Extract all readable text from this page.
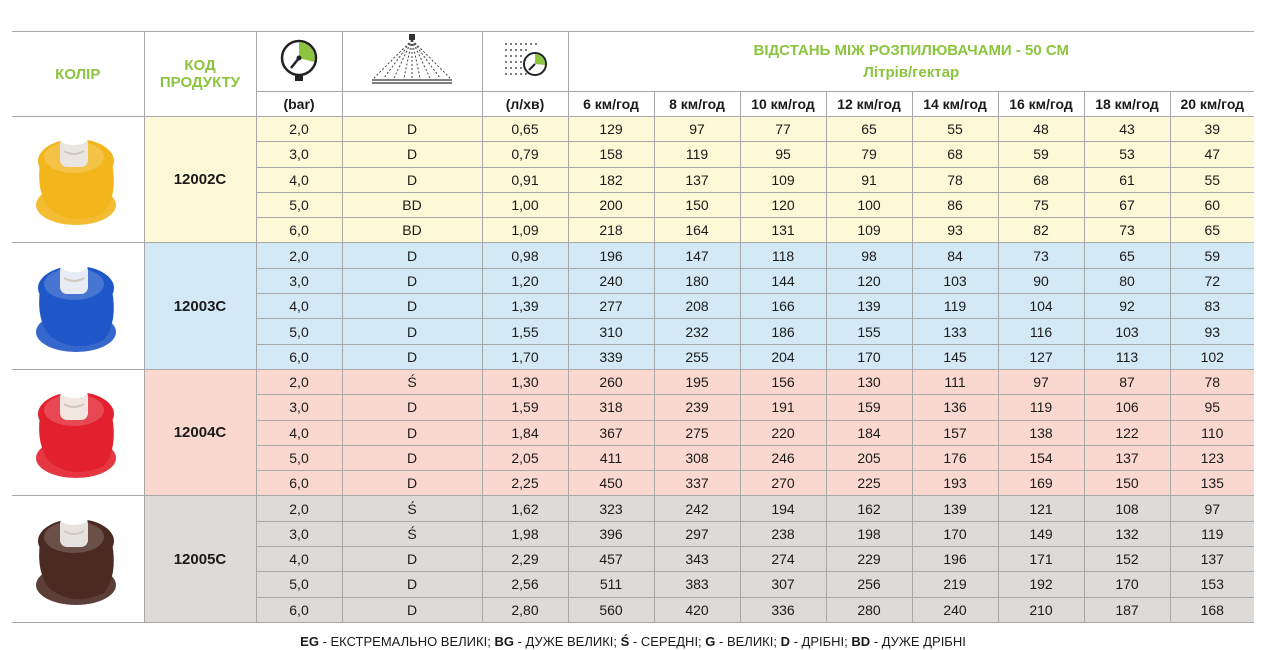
КОЛІР	КОД ПРОДУКТУ				ВІДСТАНЬ МІЖ РОЗПИЛЮВАЧАМИ - 50 СМ
Літрів/гектар							

		(bar)		(л/хв)	6 км/год	8 км/год	10 км/год	12 км/год	14 км/год	16 км/год	18 км/год	20 км/год
	12002C	2,0	D	0,65	129	97	77	65	55	48	43	39
		3,0	D	0,79	158	119	95	79	68	59	53	47
		4,0	D	0,91	182	137	109	91	78	68	61	55
		5,0	BD	1,00	200	150	120	100	86	75	67	60
		6,0	BD	1,09	218	164	131	109	93	82	73	65
	12003C	2,0	D	0,98	196	147	118	98	84	73	65	59
		3,0	D	1,20	240	180	144	120	103	90	80	72
		4,0	D	1,39	277	208	166	139	119	104	92	83
		5,0	D	1,55	310	232	186	155	133	116	103	93
		6,0	D	1,70	339	255	204	170	145	127	113	102
	12004C	2,0	Ś	1,30	260	195	156	130	111	97	87	78
		3,0	D	1,59	318	239	191	159	136	119	106	95
		4,0	D	1,84	367	275	220	184	157	138	122	110
		5,0	D	2,05	411	308	246	205	176	154	137	123
		6,0	D	2,25	450	337	270	225	193	169	150	135
	12005C	2,0	Ś	1,62	323	242	194	162	139	121	108	97
		3,0	Ś	1,98	396	297	238	198	170	149	132	119
		4,0	D	2,29	457	343	274	229	196	171	152	137
		5,0	D	2,56	511	383	307	256	219	192	170	153
		6,0	D	2,80	560	420	336	280	240	210	187	168
EG - ЕКСТРЕМАЛЬНО ВЕЛИКІ; BG - ДУЖЕ ВЕЛИКІ; Ś - СЕРЕДНІ; G - ВЕЛИКІ; D - ДРІБНІ; BD - ДУЖЕ ДРІБНІ
